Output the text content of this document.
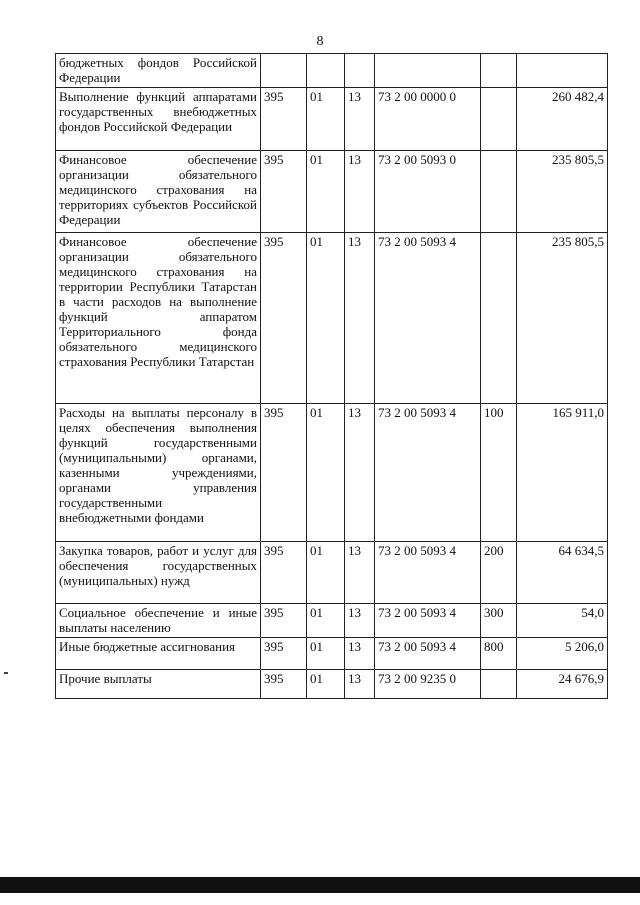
8
бюджетных фондов Российской Федерации						
Выполнение функций аппаратами государственных внебюджетных фондов Российской Федерации	395	01	13	73 2 00 0000 0		260 482,4
Финансовое обеспечение организации обязательного медицинского страхования на территориях субъектов Российской Федерации	395	01	13	73 2 00 5093 0		235 805,5
Финансовое обеспечение организации обязательного медицинского страхования на территории Республики Татарстан в части расходов на выполнение функций аппаратом Территориального фонда обязательного медицинского страхования Республики Татарстан	395	01	13	73 2 00 5093 4		235 805,5
Расходы на выплаты персоналу в целях обеспечения выполнения функций государственными (муниципальными) органами, казенными учреждениями, органами управления государственными внебюджетными фондами	395	01	13	73 2 00 5093 4	100	165 911,0
Закупка товаров, работ и услуг для обеспечения государственных (муниципальных) нужд	395	01	13	73 2 00 5093 4	200	64 634,5
Социальное обеспечение и иные выплаты населению	395	01	13	73 2 00 5093 4	300	54,0
Иные бюджетные ассигнования	395	01	13	73 2 00 5093 4	800	5 206,0
Прочие выплаты	395	01	13	73 2 00 9235 0		24 676,9
